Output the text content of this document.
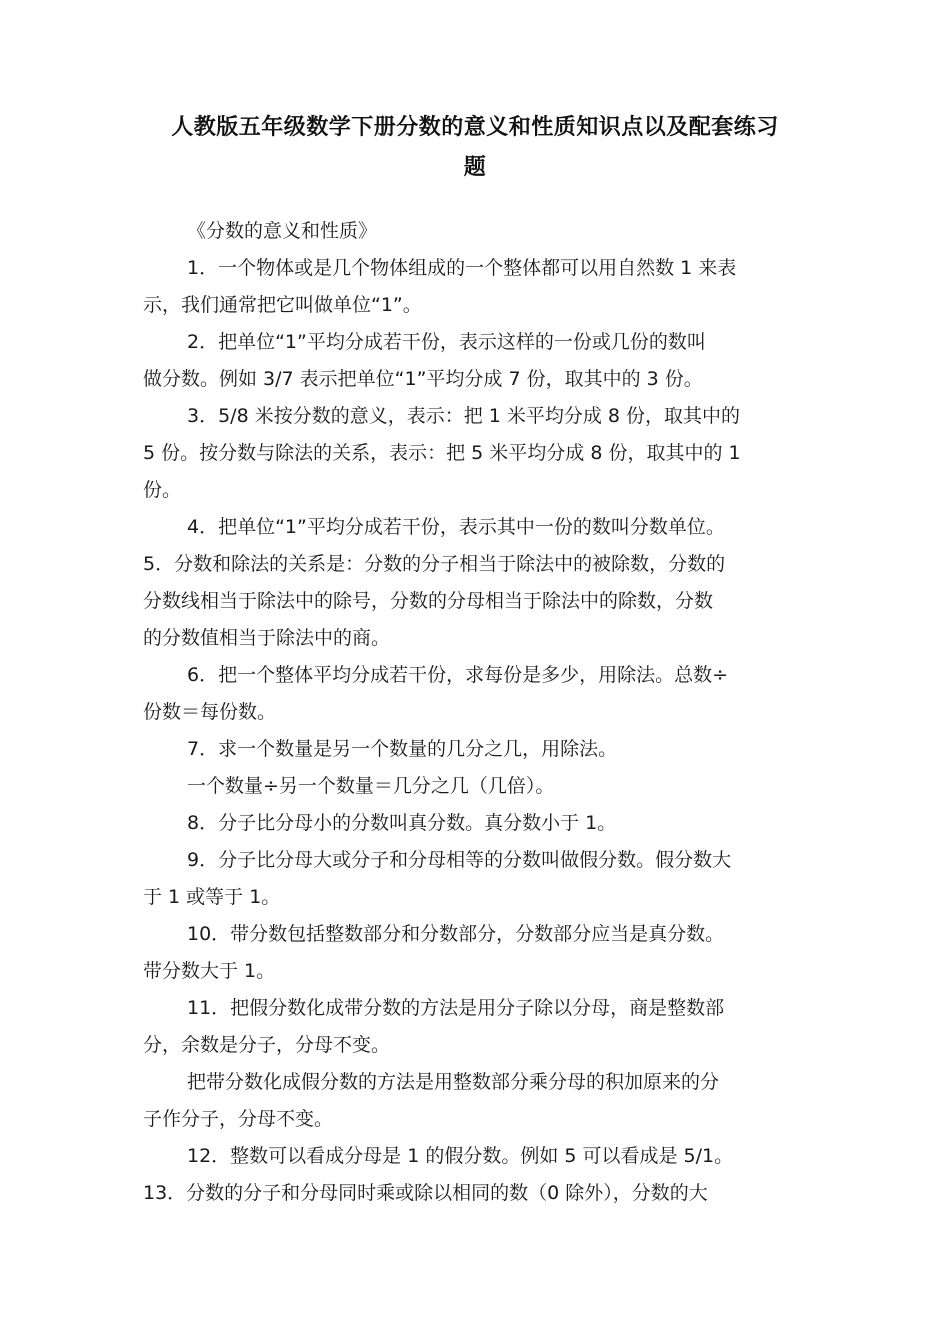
人教版五年级数学下册分数的意义和性质知识点以及配套练习
题

《分数的意义和性质》

1．一个物体或是几个物体组成的一个整体都可以用自然数 1 来表
示，我们通常把它叫做单位“1”。

2．把单位“1”平均分成若干份，表示这样的一份或几份的数叫
做分数。例如 3/7 表示把单位“1”平均分成 7 份，取其中的 3 份。

3．5/8 米按分数的意义，表示：把 1 米平均分成 8 份，取其中的
5 份。按分数与除法的关系，表示：把 5 米平均分成 8 份，取其中的 1
份。

4．把单位“1”平均分成若干份，表示其中一份的数叫分数单位。

5．分数和除法的关系是：分数的分子相当于除法中的被除数，分数的
分数线相当于除法中的除号，分数的分母相当于除法中的除数，分数
的分数值相当于除法中的商。

6．把一个整体平均分成若干份，求每份是多少，用除法。总数÷
份数＝每份数。

7．求一个数量是另一个数量的几分之几，用除法。

一个数量÷另一个数量＝几分之几（几倍）。

8．分子比分母小的分数叫真分数。真分数小于 1。

9．分子比分母大或分子和分母相等的分数叫做假分数。假分数大
于 1 或等于 1。

10．带分数包括整数部分和分数部分，分数部分应当是真分数。
带分数大于 1。

11．把假分数化成带分数的方法是用分子除以分母，商是整数部
分，余数是分子，分母不变。

把带分数化成假分数的方法是用整数部分乘分母的积加原来的分
子作分子，分母不变。

12．整数可以看成分母是 1 的假分数。例如 5 可以看成是 5/1。

13．分数的分子和分母同时乘或除以相同的数（0 除外），分数的大
